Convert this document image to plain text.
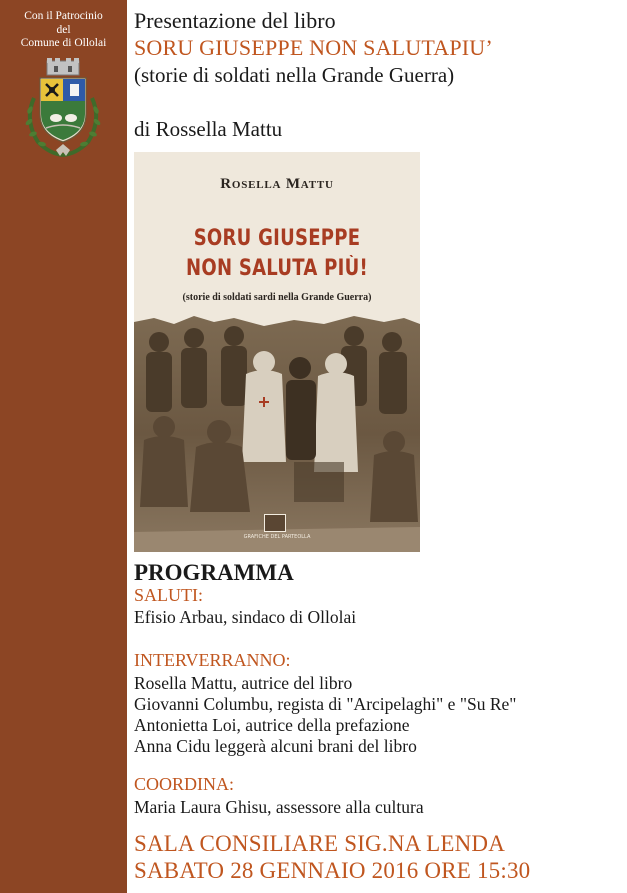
Con il Patrocinio
del
Comune di Ollolai
Presentazione del libro
SORU GIUSEPPE NON SALUTAPIU’
(storie di soldati nella Grande Guerra)
di Rossella Mattu
PROGRAMMA
SALUTI:
Efisio Arbau, sindaco di Ollolai
INTERVERRANNO:
Rosella Mattu, autrice del libro
Giovanni Columbu, regista di "Arcipelaghi" e "Su Re"
Antonietta Loi, autrice della prefazione
Anna Cidu leggerà alcuni brani del libro
COORDINA:
Maria Laura Ghisu, assessore alla cultura
SALA CONSILIARE SIG.NA LENDA
SABATO 28 GENNAIO 2016 ORE 15:30
Rosella Mattu
SORU GIUSEPPE
NON SALUTA PIÙ!
(storie di soldati sardi nella Grande Guerra)
GRAFICHE DEL PARTEOLLA
